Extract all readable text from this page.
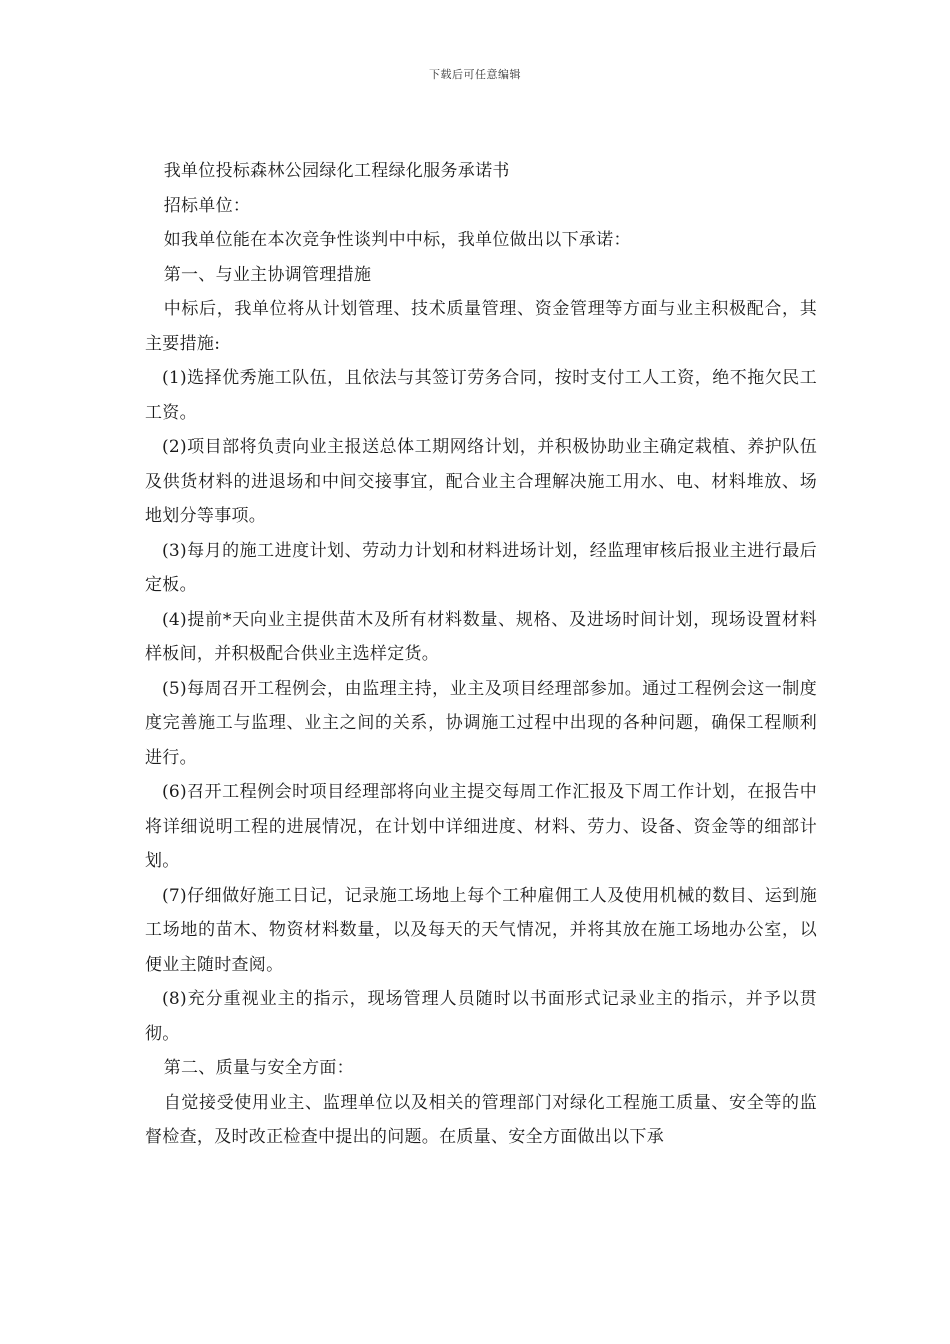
下载后可任意编辑

我单位投标森林公园绿化工程绿化服务承诺书

招标单位：

如我单位能在本次竞争性谈判中中标，我单位做出以下承诺：

第一、与业主协调管理措施

中标后，我单位将从计划管理、技术质量管理、资金管理等方面与业主积极配合，其主要措施:

(1)选择优秀施工队伍，且依法与其签订劳务合同，按时支付工人工资，绝不拖欠民工工资。

(2)项目部将负责向业主报送总体工期网络计划，并积极协助业主确定栽植、养护队伍及供货材料的进退场和中间交接事宜，配合业主合理解决施工用水、电、材料堆放、场地划分等事项。

(3)每月的施工进度计划、劳动力计划和材料进场计划，经监理审核后报业主进行最后定板。

(4)提前*天向业主提供苗木及所有材料数量、规格、及进场时间计划，现场设置材料样板间，并积极配合供业主选样定货。

(5)每周召开工程例会，由监理主持，业主及项目经理部参加。通过工程例会这一制度度完善施工与监理、业主之间的关系，协调施工过程中出现的各种问题，确保工程顺利进行。

(6)召开工程例会时项目经理部将向业主提交每周工作汇报及下周工作计划，在报告中将详细说明工程的进展情况，在计划中详细进度、材料、劳力、设备、资金等的细部计划。

(7)仔细做好施工日记，记录施工场地上每个工种雇佣工人及使用机械的数目、运到施工场地的苗木、物资材料数量，以及每天的天气情况，并将其放在施工场地办公室，以便业主随时查阅。

(8)充分重视业主的指示，现场管理人员随时以书面形式记录业主的指示，并予以贯彻。

第二、质量与安全方面：

自觉接受使用业主、监理单位以及相关的管理部门对绿化工程施工质量、安全等的监督检查，及时改正检查中提出的问题。在质量、安全方面做出以下承
